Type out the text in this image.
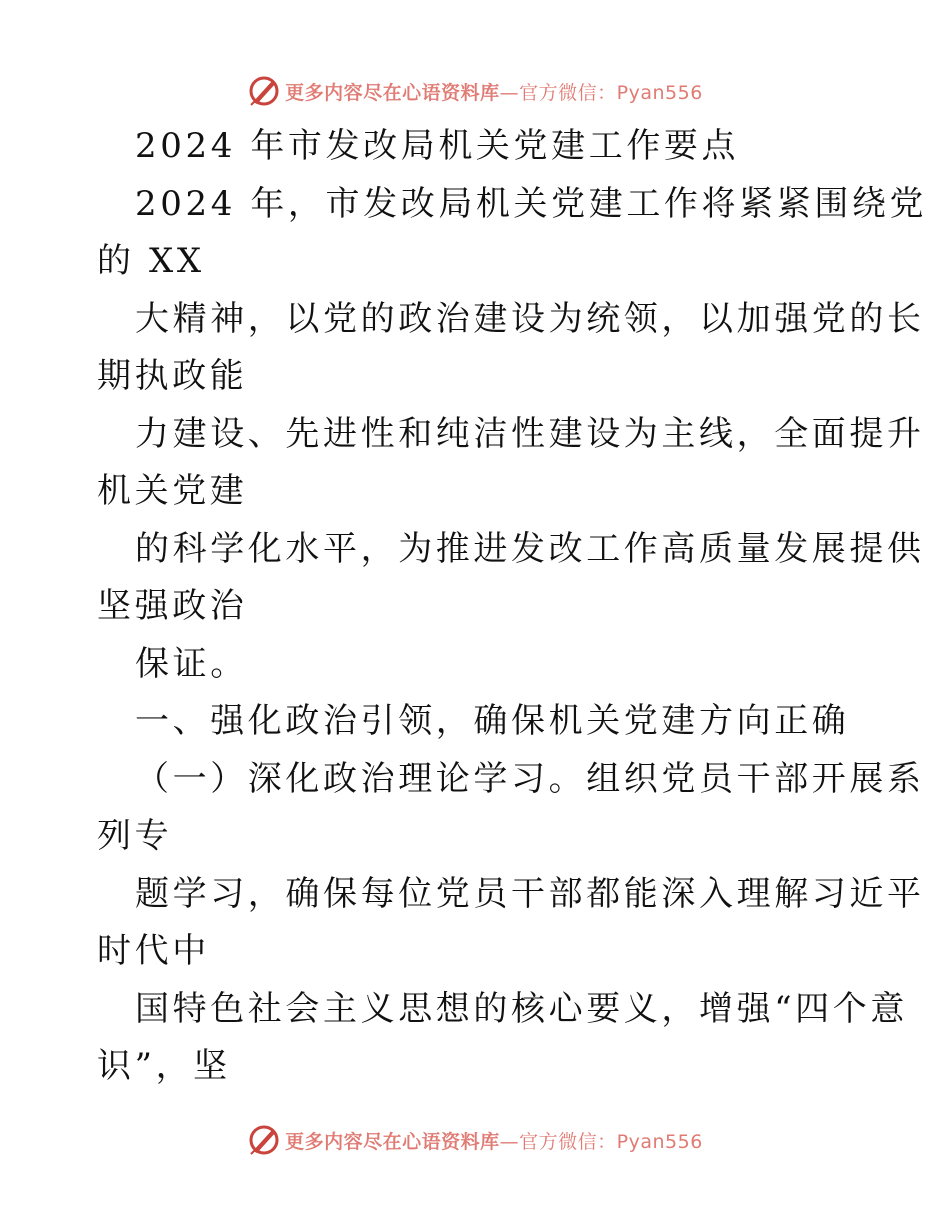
更多内容尽在心语资料库—官方微信：Pyan556
2024 年市发改局机关党建工作要点
2024 年，市发改局机关党建工作将紧紧围绕党
的 XX
大精神，以党的政治建设为统领，以加强党的长
期执政能
力建设、先进性和纯洁性建设为主线，全面提升
机关党建
的科学化水平，为推进发改工作高质量发展提供
坚强政治
保证。
一、强化政治引领，确保机关党建方向正确
（一）深化政治理论学习。组织党员干部开展系
列专
题学习，确保每位党员干部都能深入理解习近平
时代中
国特色社会主义思想的核心要义，增强“四个意
识”，坚
更多内容尽在心语资料库—官方微信：Pyan556
